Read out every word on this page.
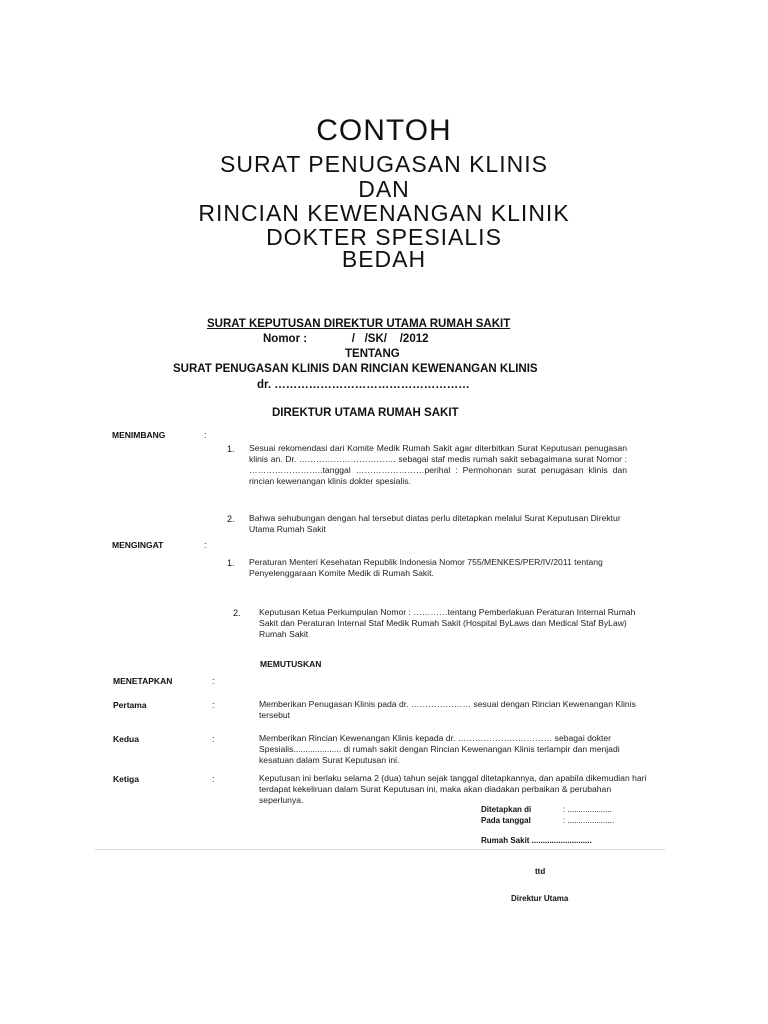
CONTOH
SURAT PENUGASAN KLINIS
DAN
RINCIAN KEWENANGAN KLINIK
DOKTER SPESIALIS
BEDAH
SURAT KEPUTUSAN DIREKTUR UTAMA RUMAH SAKIT
Nomor :              /   /SK/    /2012
TENTANG
SURAT PENUGASAN KLINIS DAN RINCIAN KEWENANGAN KLINIS
dr. ……………………………………………
DIREKTUR UTAMA RUMAH SAKIT
MENIMBANG	:
1. Sesuai rekomendasi dari Komite Medik Rumah Sakit agar diterbitkan Surat Keputusan penugasan klinis an. Dr. ……………………………. sebagai staf medis rumah sakit sebagaimana surat Nomor : ……………………..tanggal ……………………perihal : Permohonan surat penugasan klinis dan rincian kewenangan klinis dokter spesialis.
2. Bahwa sehubungan dengan hal tersebut diatas perlu ditetapkan melalui Surat Keputusan Direktur Utama Rumah Sakit
MENGINGAT	:
1. Peraturan Menteri Kesehatan Republik Indonesia Nomor 755/MENKES/PER/IV/2011 tentang Penyelenggaraan Komite Medik di Rumah Sakit.
2. Keputusan Ketua Perkumpulan Nomor : …………tentang Pemberlakuan Peraturan Internal Rumah Sakit dan Peraturan Internal Staf Medik Rumah Sakit (Hospital ByLaws dan Medical Staf ByLaw) Rumah Sakit
MEMUTUSKAN
MENETAPKAN	:
Pertama	:	Memberikan Penugasan Klinis pada dr. ………………… sesuai dengan Rincian Kewenangan Klinis tersebut
Kedua	:	Memberikan Rincian Kewenangan Klinis kepada dr. …………………………… sebagai dokter Spesialis.................... di rumah sakit dengan Rincian Kewenangan Klinis terlampir dan menjadi kesatuan dalam Surat Keputusan ini.
Ketiga	:	Keputusan ini berlaku selama 2 (dua) tahun sejak tanggal ditetapkannya, dan apabila dikemudian hari terdapat kekeliruan dalam Surat Keputusan ini, maka akan diadakan perbaikan & perubahan seperlunya.
Ditetapkan di	: ....................
Pada tanggal	: .....................
Rumah Sakit ...........................
ttd
Direktur Utama
